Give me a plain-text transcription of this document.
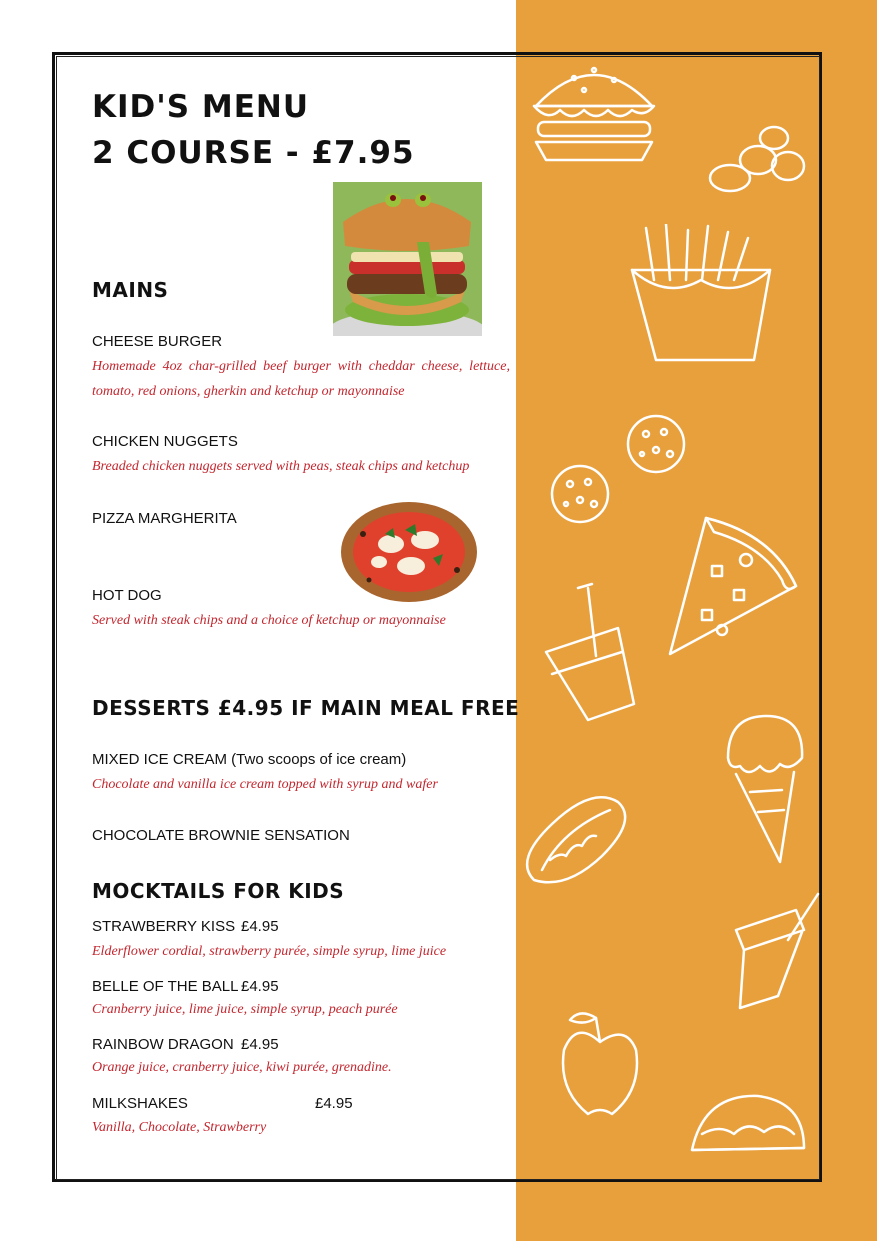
KID'S MENU
2 COURSE - £7.95
MAINS
CHEESE BURGER
Homemade 4oz char-grilled beef burger with cheddar cheese, lettuce, tomato, red onions, gherkin and ketchup or mayonnaise
CHICKEN NUGGETS
Breaded chicken nuggets served with peas, steak chips and ketchup
PIZZA MARGHERITA
HOT DOG
Served with steak chips and a choice of ketchup or mayonnaise
DESSERTS £4.95 IF MAIN MEAL FREE
MIXED ICE CREAM (Two scoops of ice cream)
Chocolate and vanilla ice cream topped with syrup and wafer
CHOCOLATE BROWNIE SENSATION
MOCKTAILS FOR KIDS
STRAWBERRY KISS £4.95
Elderflower cordial, strawberry purée, simple syrup, lime juice
BELLE OF THE BALL £4.95
Cranberry juice, lime juice, simple syrup, peach purée
RAINBOW DRAGON £4.95
Orange juice, cranberry juice, kiwi purée, grenadine.
MILKSHAKES	£4.95
Vanilla, Chocolate, Strawberry
